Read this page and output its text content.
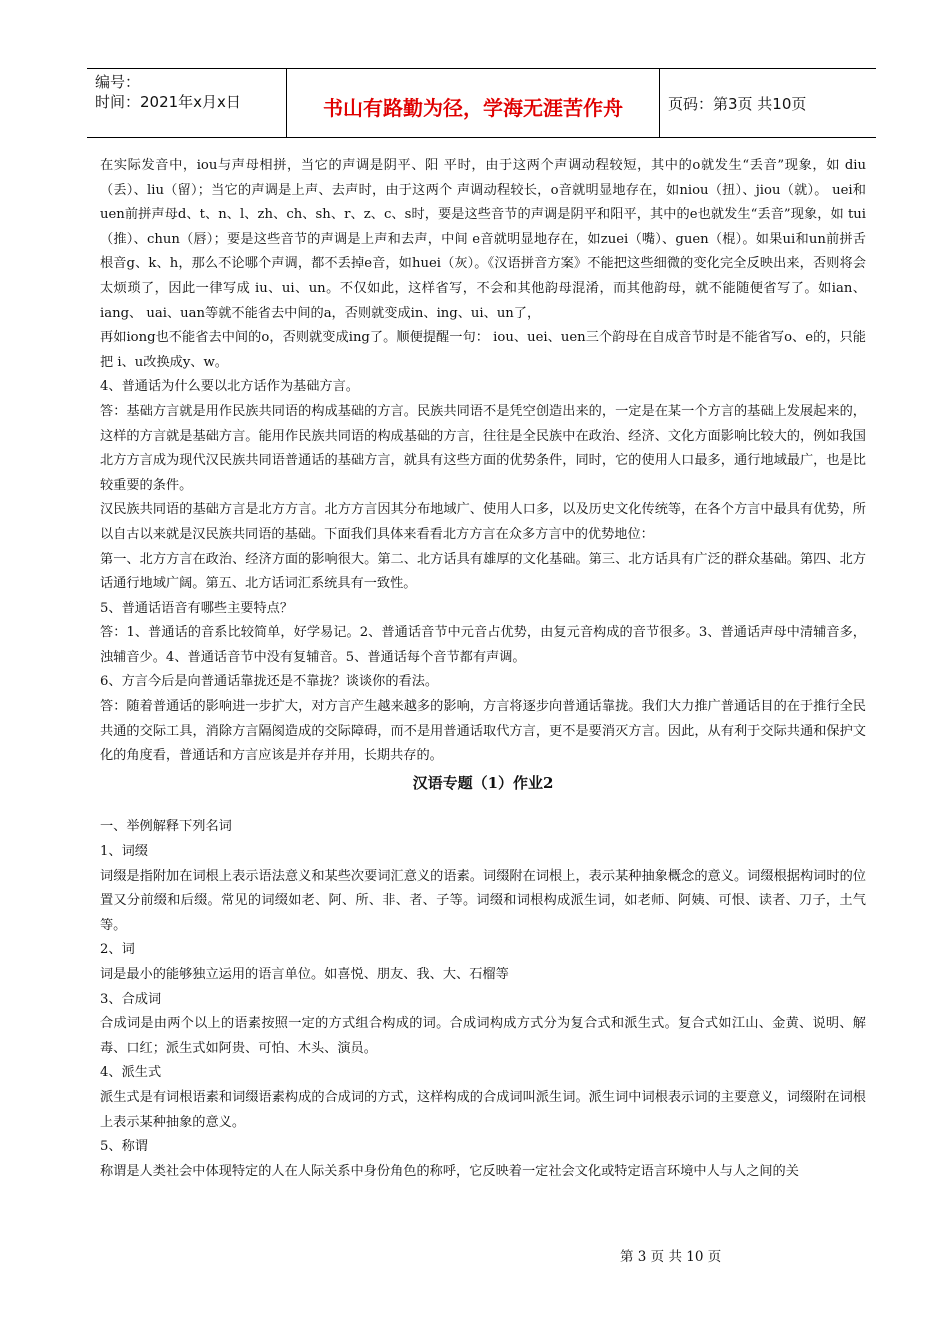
编号：
时间：2021年x月x日	书山有路勤为径，学海无涯苦作舟	页码：第3页 共10页

在实际发音中，iou与声母相拼，当它的声调是阴平、阳 平时，由于这两个声调动程较短，其中的o就发生“丢音”现象，如 diu（丢）、liu（留）；当它的声调是上声、去声时，由于这两个 声调动程较长，o音就明显地存在，如niou（扭）、jiou（就）。 uei和uen前拼声母d、t、n、l、zh、ch、sh、r、z、c、s时，要是这些音节的声调是阴平和阳平，其中的e也就发生“丢音”现象，如 tui（推）、chun（唇）；要是这些音节的声调是上声和去声，中间 e音就明显地存在，如zuei（嘴）、guen（棍）。如果ui和un前拼舌根音g、k、h，那么不论哪个声调，都不丢掉e音，如huei（灰）。《汉语拼音方案》不能把这些细微的变化完全反映出来，否则将会太烦琐了，因此一律写成 iu、ui、un。不仅如此，这样省写，不会和其他韵母混淆，而其他韵母，就不能随便省写了。如ian、iang、 uai、uan等就不能省去中间的a，否则就变成in、ing、ui、un了，

再如iong也不能省去中间的o，否则就变成ing了。顺便提醒一句： iou、uei、uen三个韵母在自成音节时是不能省写o、e的，只能把 i、u改换成y、w。

4、普通话为什么要以北方话作为基础方言。

答：基础方言就是用作民族共同语的构成基础的方言。民族共同语不是凭空创造出来的，一定是在某一个方言的基础上发展起来的，这样的方言就是基础方言。能用作民族共同语的构成基础的方言，往往是全民族中在政治、经济、文化方面影响比较大的，例如我国北方方言成为现代汉民族共同语普通话的基础方言，就具有这些方面的优势条件，同时，它的使用人口最多，通行地域最广，也是比较重要的条件。

汉民族共同语的基础方言是北方方言。北方方言因其分布地域广、使用人口多，以及历史文化传统等，在各个方言中最具有优势，所以自古以来就是汉民族共同语的基础。下面我们具体来看看北方方言在众多方言中的优势地位：

第一、北方方言在政治、经济方面的影响很大。第二、北方话具有雄厚的文化基础。第三、北方话具有广泛的群众基础。第四、北方话通行地域广阔。第五、北方话词汇系统具有一致性。

5、普通话语音有哪些主要特点？

答：1、普通话的音系比较简单，好学易记。2、普通话音节中元音占优势，由复元音构成的音节很多。3、普通话声母中清辅音多，浊辅音少。4、普通话音节中没有复辅音。5、普通话每个音节都有声调。

6、方言今后是向普通话靠拢还是不靠拢？谈谈你的看法。

答：随着普通话的影响进一步扩大，对方言产生越来越多的影响，方言将逐步向普通话靠拢。我们大力推广普通话目的在于推行全民共通的交际工具，消除方言隔阂造成的交际障碍，而不是用普通话取代方言，更不是要消灭方言。因此，从有利于交际共通和保护文化的角度看，普通话和方言应该是并存并用，长期共存的。

汉语专题（1）作业2

一、举例解释下列名词

1、词缀

词缀是指附加在词根上表示语法意义和某些次要词汇意义的语素。词缀附在词根上，表示某种抽象概念的意义。词缀根据构词时的位置又分前缀和后缀。常见的词缀如老、阿、所、非、者、子等。词缀和词根构成派生词，如老师、阿姨、可恨、读者、刀子，土气等。

2、词

词是最小的能够独立运用的语言单位。如喜悦、朋友、我、大、石榴等

3、合成词

合成词是由两个以上的语素按照一定的方式组合构成的词。合成词构成方式分为复合式和派生式。复合式如江山、金黄、说明、解毒、口红；派生式如阿贵、可怕、木头、演员。

4、派生式

派生式是有词根语素和词缀语素构成的合成词的方式，这样构成的合成词叫派生词。派生词中词根表示词的主要意义，词缀附在词根上表示某种抽象的意义。

5、称谓

称谓是人类社会中体现特定的人在人际关系中身份角色的称呼，它反映着一定社会文化或特定语言环境中人与人之间的关

第 3 页 共 10 页
